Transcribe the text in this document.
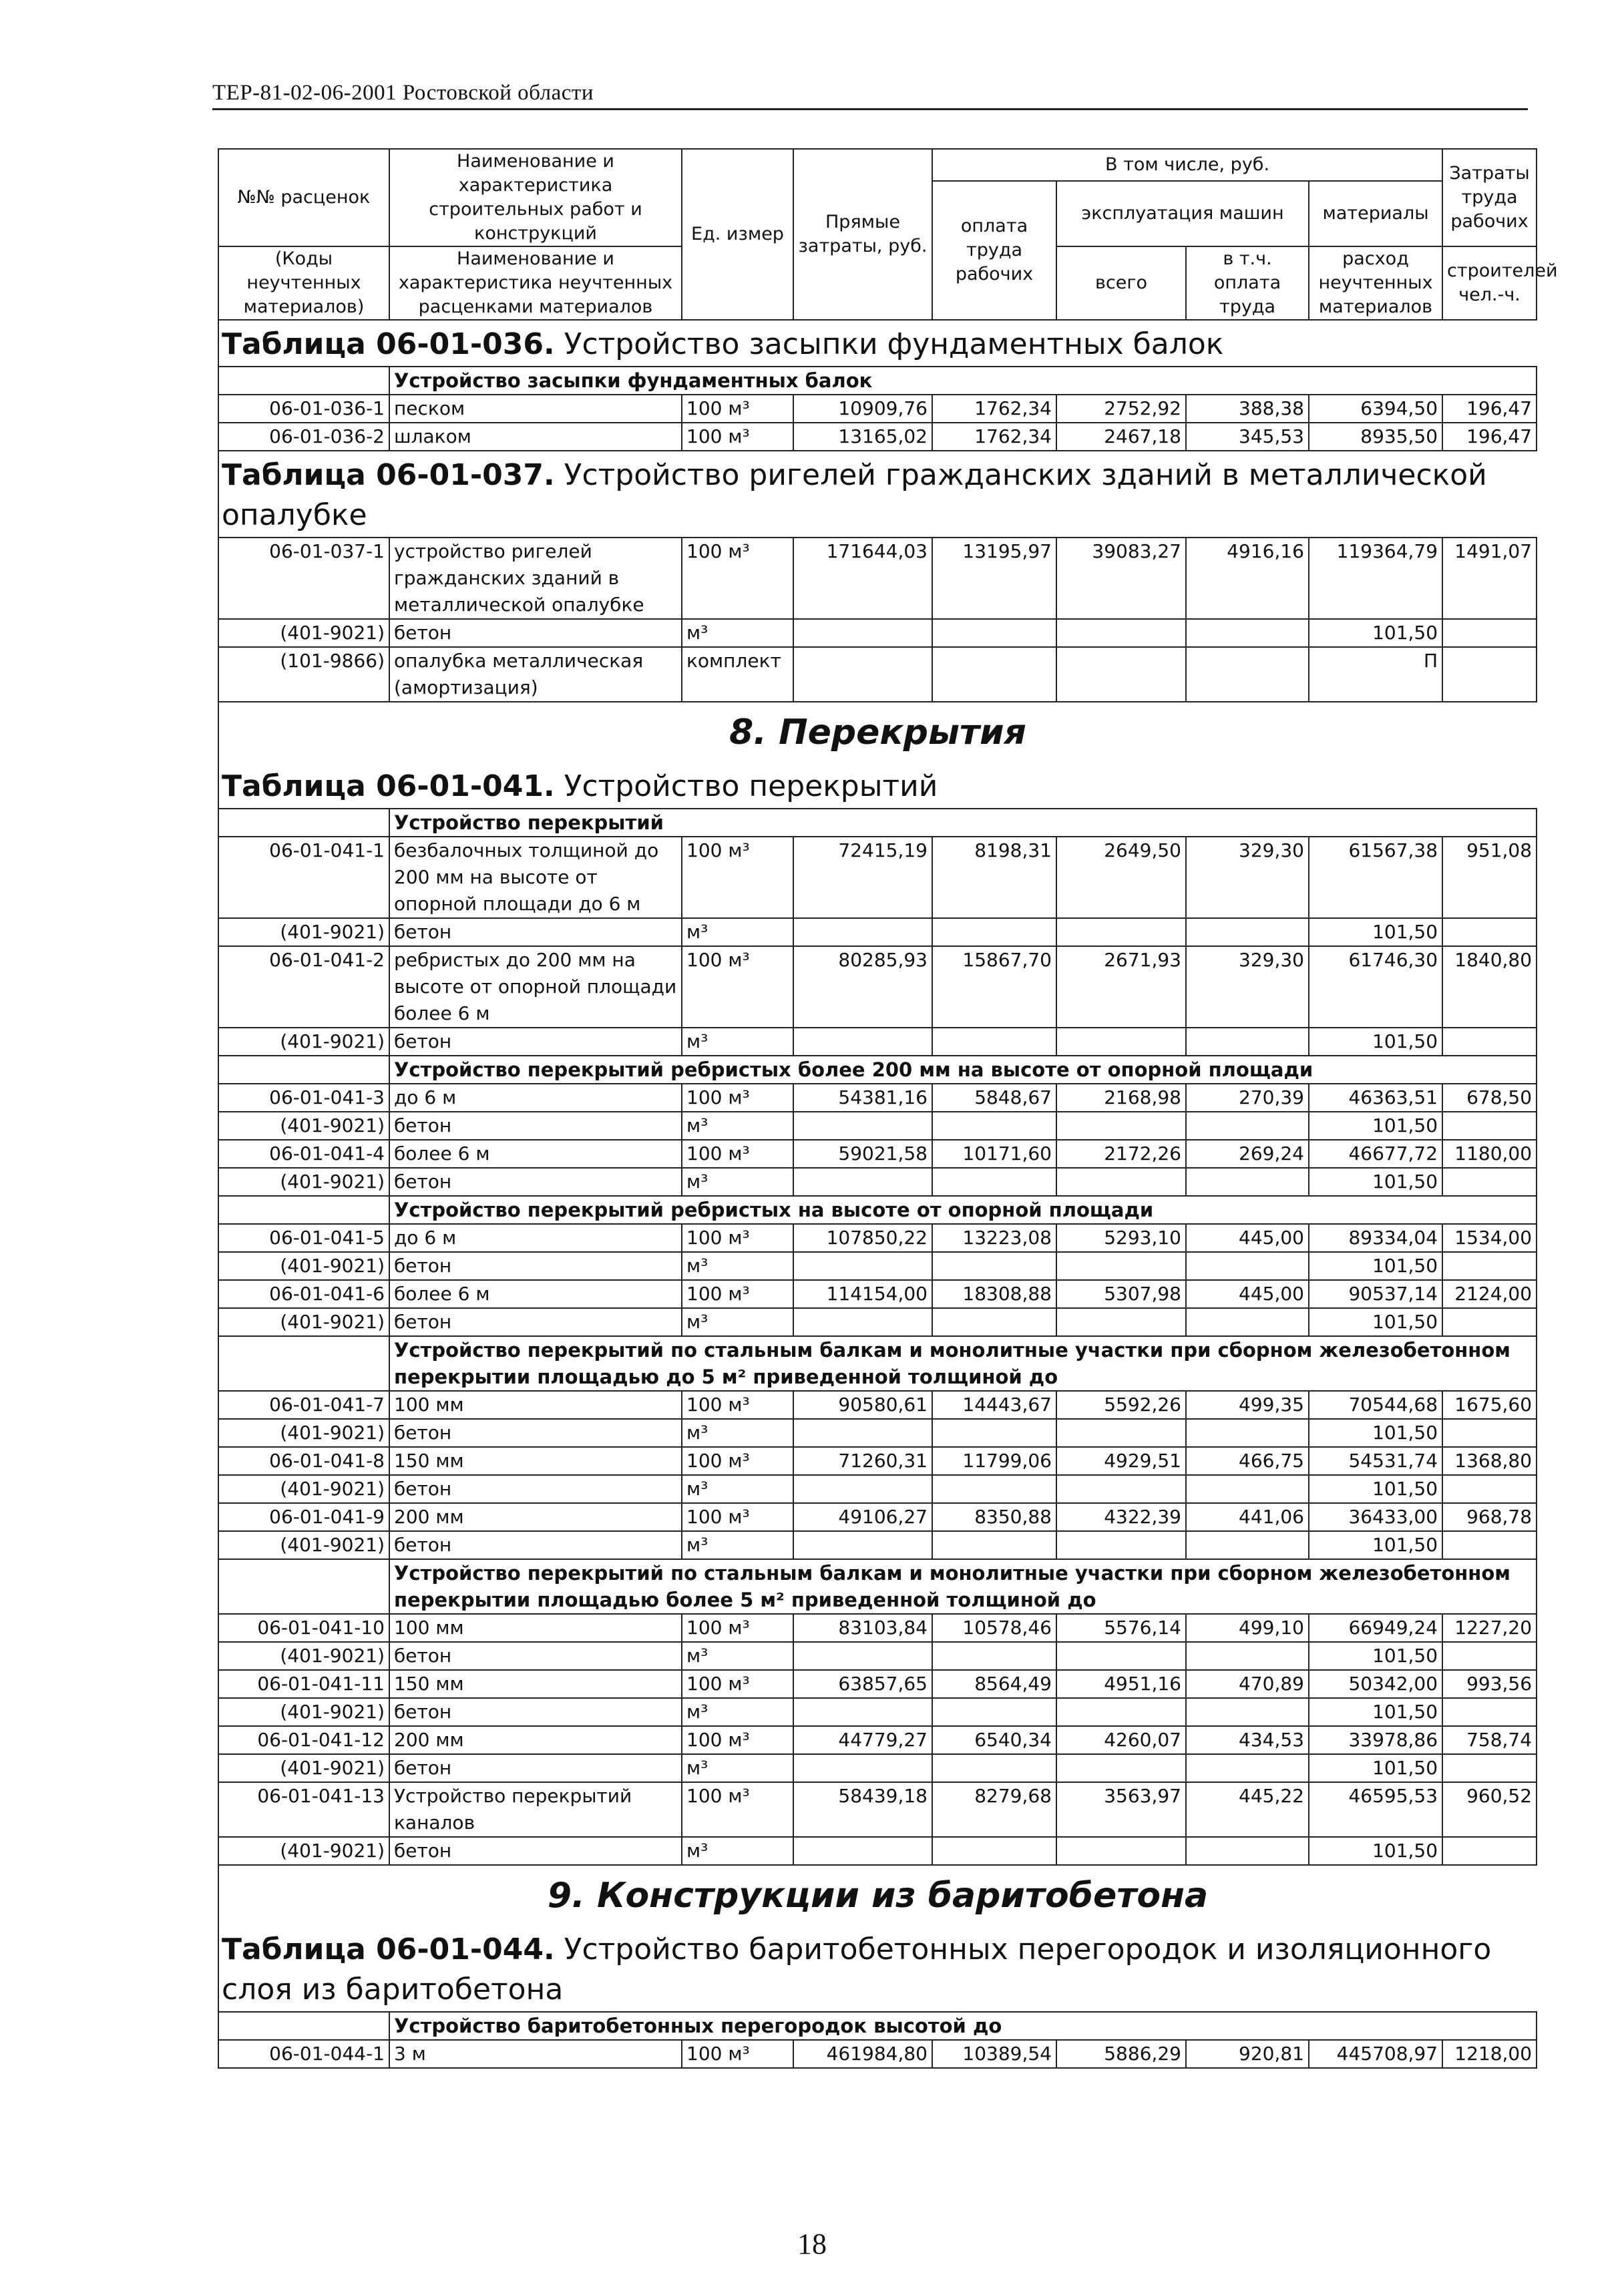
ТЕР-81-02-06-2001 Ростовской области
№№ расценок	Наименование и характеристика строительных работ и конструкций	Ед. измер	Прямые затраты, руб.	В том числе, руб.				Затраты труда рабочих
				оплата труда рабочих	эксплуатация машин		материалы	
(Коды неучтенных материалов)	Наименование и характеристика неучтенных расценками материалов				всего	в т.ч. оплата труда	расход неучтенных материалов	строителей чел.-ч.

Таблица 06-01-036. Устройство засыпки фундаментных балок								
	Устройство засыпки фундаментных балок							
06-01-036-1	песком	100 м³	10909,76	1762,34	2752,92	388,38	6394,50	196,47
06-01-036-2	шлаком	100 м³	13165,02	1762,34	2467,18	345,53	8935,50	196,47
Таблица 06-01-037. Устройство ригелей гражданских зданий в металлической опалубке								
06-01-037-1	устройство ригелей гражданских зданий в металлической опалубке	100 м³	171644,03	13195,97	39083,27	4916,16	119364,79	1491,07
(401-9021)	бетон	м³					101,50	
(101-9866)	опалубка металлическая (амортизация)	комплект					П	
8. Перекрытия								
Таблица 06-01-041. Устройство перекрытий								
	Устройство перекрытий							
06-01-041-1	безбалочных толщиной до 200 мм на высоте от опорной площади до 6 м	100 м³	72415,19	8198,31	2649,50	329,30	61567,38	951,08
(401-9021)	бетон	м³					101,50	
06-01-041-2	ребристых до 200 мм на высоте от опорной площади более 6 м	100 м³	80285,93	15867,70	2671,93	329,30	61746,30	1840,80
(401-9021)	бетон	м³					101,50	
	Устройство перекрытий ребристых более 200 мм на высоте от опорной площади							
06-01-041-3	до 6 м	100 м³	54381,16	5848,67	2168,98	270,39	46363,51	678,50
(401-9021)	бетон	м³					101,50	
06-01-041-4	более 6 м	100 м³	59021,58	10171,60	2172,26	269,24	46677,72	1180,00
(401-9021)	бетон	м³					101,50	
	Устройство перекрытий ребристых на высоте от опорной площади							
06-01-041-5	до 6 м	100 м³	107850,22	13223,08	5293,10	445,00	89334,04	1534,00
(401-9021)	бетон	м³					101,50	
06-01-041-6	более 6 м	100 м³	114154,00	18308,88	5307,98	445,00	90537,14	2124,00
(401-9021)	бетон	м³					101,50	
	Устройство перекрытий по стальным балкам и монолитные участки при сборном железобетонном перекрытии площадью до 5 м² приведенной толщиной до							
06-01-041-7	100 мм	100 м³	90580,61	14443,67	5592,26	499,35	70544,68	1675,60
(401-9021)	бетон	м³					101,50	
06-01-041-8	150 мм	100 м³	71260,31	11799,06	4929,51	466,75	54531,74	1368,80
(401-9021)	бетон	м³					101,50	
06-01-041-9	200 мм	100 м³	49106,27	8350,88	4322,39	441,06	36433,00	968,78
(401-9021)	бетон	м³					101,50	
	Устройство перекрытий по стальным балкам и монолитные участки при сборном железобетонном перекрытии площадью более 5 м² приведенной толщиной до							
06-01-041-10	100 мм	100 м³	83103,84	10578,46	5576,14	499,10	66949,24	1227,20
(401-9021)	бетон	м³					101,50	
06-01-041-11	150 мм	100 м³	63857,65	8564,49	4951,16	470,89	50342,00	993,56
(401-9021)	бетон	м³					101,50	
06-01-041-12	200 мм	100 м³	44779,27	6540,34	4260,07	434,53	33978,86	758,74
(401-9021)	бетон	м³					101,50	
06-01-041-13	Устройство перекрытий каналов	100 м³	58439,18	8279,68	3563,97	445,22	46595,53	960,52
(401-9021)	бетон	м³					101,50	
9. Конструкции из баритобетона								
Таблица 06-01-044. Устройство баритобетонных перегородок и изоляционного слоя из баритобетона								
	Устройство баритобетонных перегородок высотой до							
06-01-044-1	3 м	100 м³	461984,80	10389,54	5886,29	920,81	445708,97	1218,00
18
